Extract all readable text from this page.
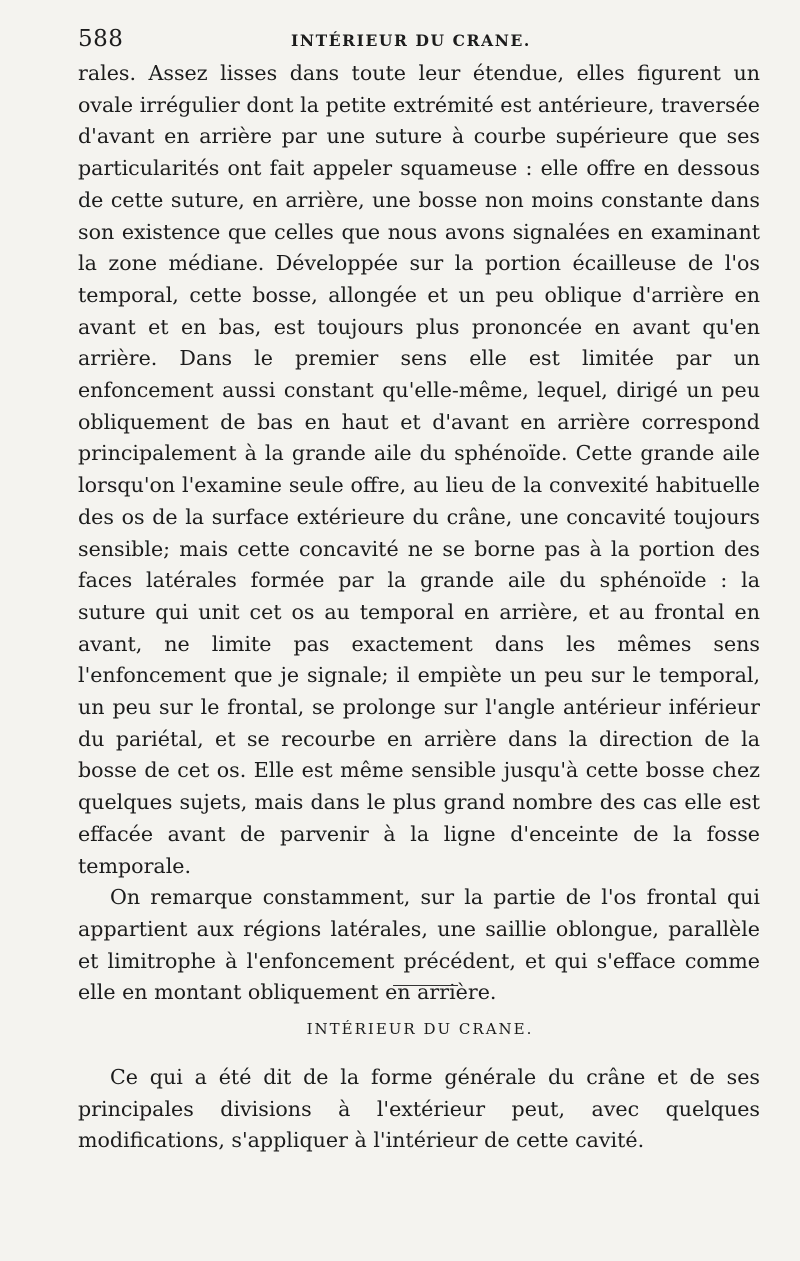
588	INTÉRIEUR DU CRANE.

rales. Assez lisses dans toute leur étendue, elles figurent un ovale irrégulier dont la petite extrémité est antérieure, traversée d'avant en arrière par une suture à courbe supérieure que ses particularités ont fait appeler squameuse : elle offre en dessous de cette suture, en arrière, une bosse non moins constante dans son existence que celles que nous avons signalées en examinant la zone médiane. Développée sur la portion écailleuse de l'os temporal, cette bosse, allongée et un peu oblique d'arrière en avant et en bas, est toujours plus prononcée en avant qu'en arrière. Dans le premier sens elle est limitée par un enfoncement aussi constant qu'elle-même, lequel, dirigé un peu obliquement de bas en haut et d'avant en arrière correspond principalement à la grande aile du sphénoïde. Cette grande aile lorsqu'on l'examine seule offre, au lieu de la convexité habituelle des os de la surface extérieure du crâne, une concavité toujours sensible; mais cette concavité ne se borne pas à la portion des faces latérales formée par la grande aile du sphénoïde : la suture qui unit cet os au temporal en arrière, et au frontal en avant, ne limite pas exactement dans les mêmes sens l'enfoncement que je signale; il empiète un peu sur le temporal, un peu sur le frontal, se prolonge sur l'angle antérieur inférieur du pariétal, et se recourbe en arrière dans la direction de la bosse de cet os. Elle est même sensible jusqu'à cette bosse chez quelques sujets, mais dans le plus grand nombre des cas elle est effacée avant de parvenir à la ligne d'enceinte de la fosse temporale.

On remarque constamment, sur la partie de l'os frontal qui appartient aux régions latérales, une saillie oblongue, parallèle et limitrophe à l'enfoncement précédent, et qui s'efface comme elle en montant obliquement en arrière.

INTÉRIEUR DU CRANE.

Ce qui a été dit de la forme générale du crâne et de ses principales divisions à l'extérieur peut, avec quelques modifications, s'appliquer à l'intérieur de cette cavité.
